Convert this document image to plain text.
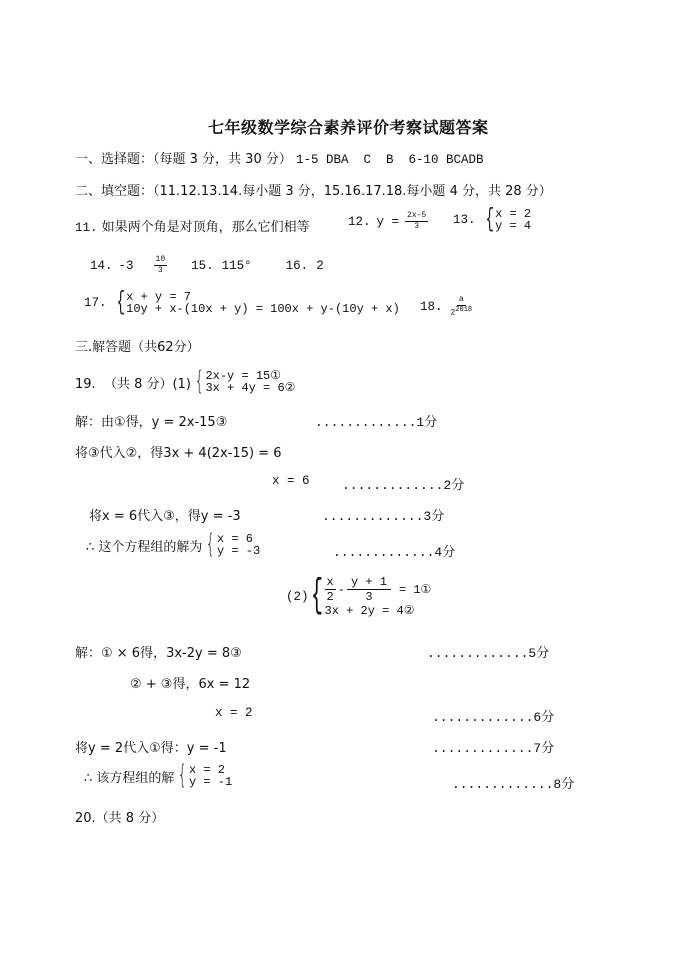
七年级数学综合素养评价考察试题答案
一、选择题：（每题 3 分，共 30 分） 1-5 DBA  C  B  6-10 BCADB
二、填空题：（11.12.13.14.每小题 3 分，15.16.17.18.每小题 4 分，共 28 分）
11. 如果两个角是对顶角，那么它们相等	12. $y = \frac{2x-5}{3} 13$. { x = 2
y = 4
14. -3	$\frac{10}{3} 15$. 115°	16. 2
17. { x + y = 7
10y + x-(10x + y) = 100x + y-(10y + x) 18. $\frac{a}{2^{2018}}$
三.解答题（共62分）
19.  （共 8 分）(1) { 2x-y = 15①
3x + 4y = 6②
解：由①得，y = 2x-15③	.............1分
将③代入②，得3x + 4(2x-15) = 6
x = 6 .............2分
将x = 6代入③，得y = -3	.............3分
∴ 这个方程组的解为 { x = 6
y = -3	.............4分
(2) { $\frac{x}{2} - \frac{y + 1}{3}$ = 1①
3x + 2y = 4②
解：① × 6得，3x-2y = 8③	.............5分
② + ③得，6x = 12
x = 2	.............6分
将y = 2代入①得：y = -1	.............7分
∴ 该方程组的解 { x = 2
y = -1	.............8分
20.（共 8 分）
